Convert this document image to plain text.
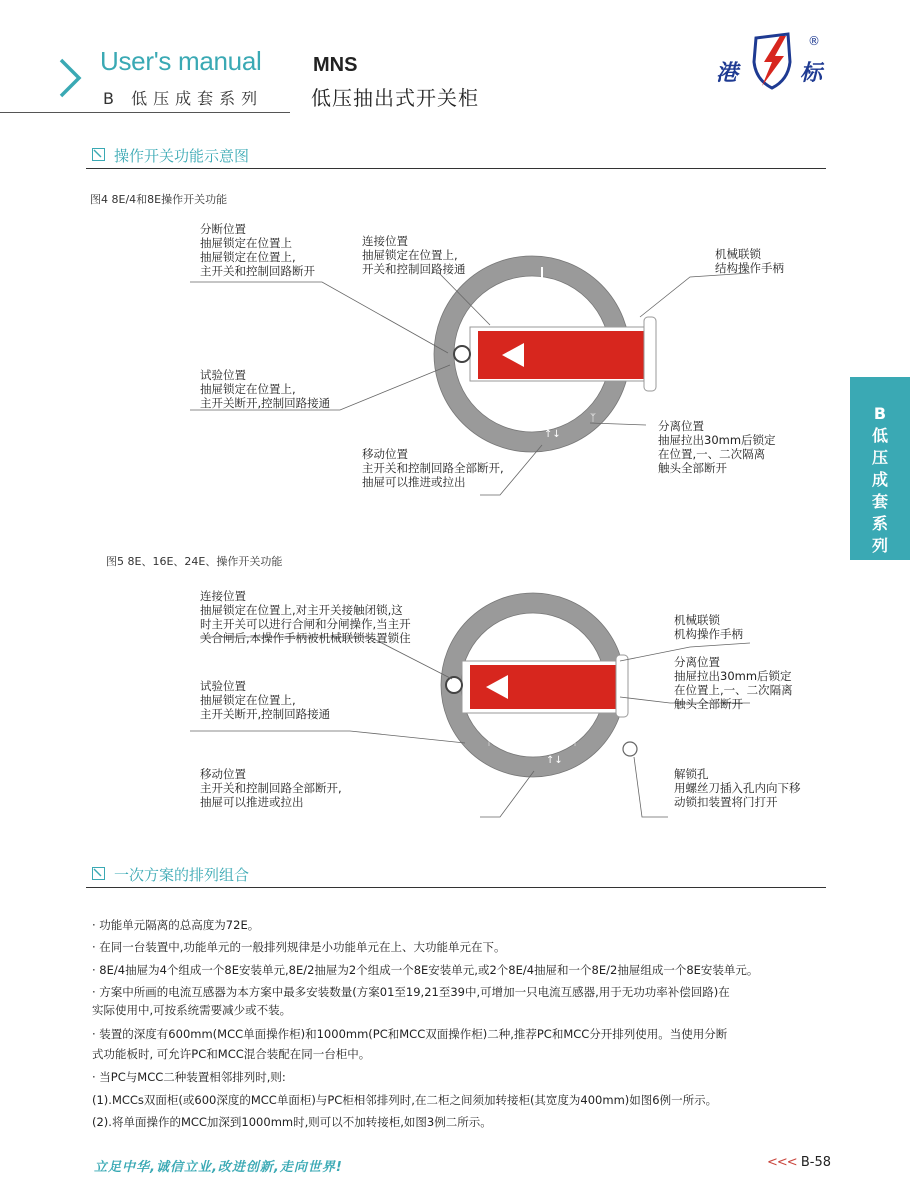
User's manual
B 低压成套系列
MNS
低压抽出式开关柜
港	标
®
操作开关功能示意图
图4 8E/4和8E操作开关功能
↑↓
ᛉ	ᛉ
分断位置
抽屉锁定在位置上
抽屉锁定在位置上,
主开关和控制回路断开
连接位置
抽屉锁定在位置上,
开关和控制回路接通
机械联锁
结构操作手柄
试验位置
抽屉锁定在位置上,
主开关断开,控制回路接通
分离位置
抽屉拉出30mm后锁定
在位置,一、二次隔离
触头全部断开
移动位置
主开关和控制回路全部断开,
抽屉可以推进或拉出
图5 8E、16E、24E、操作开关功能
↑↓
ᛉ	ᛉ
连接位置
抽屉锁定在位置上,对主开关接触闭锁,这
时主开关可以进行合闸和分闸操作,当主开
关合闸后,本操作手柄被机械联锁装置锁住
机械联锁
机构操作手柄
分离位置
抽屉拉出30mm后锁定
在位置上,一、二次隔离
触头全部断开
试验位置
抽屉锁定在位置上,
主开关断开,控制回路接通
解锁孔
用螺丝刀插入孔内向下移
动锁扣装置将门打开
移动位置
主开关和控制回路全部断开,
抽屉可以推进或拉出
B
低
压
成
套
系
列
一次方案的排列组合
· 功能单元隔离的总高度为72E。
· 在同一台装置中,功能单元的一般排列规律是小功能单元在上、大功能单元在下。
· 8E/4抽屉为4个组成一个8E安装单元,8E/2抽屉为2个组成一个8E安装单元,或2个8E/4抽屉和一个8E/2抽屉组成一个8E安装单元。
· 方案中所画的电流互感器为本方案中最多安装数量(方案01至19,21至39中,可增加一只电流互感器,用于无功功率补偿回路)在
实际使用中,可按系统需要减少或不装。
· 装置的深度有600mm(MCC单面操作柜)和1000mm(PC和MCC双面操作柜)二种,推荐PC和MCC分开排列使用。当使用分断
式功能板时, 可允许PC和MCC混合装配在同一台柜中。
· 当PC与MCC二种装置相邻排列时,则:
(1).MCCs双面柜(或600深度的MCC单面柜)与PC柜相邻排列时,在二柜之间须加转接柜(其宽度为400mm)如图6例一所示。
(2).将单面操作的MCC加深到1000mm时,则可以不加转接柜,如图3例二所示。
立足中华,诚信立业,改进创新,走向世界!	<<< B-58
